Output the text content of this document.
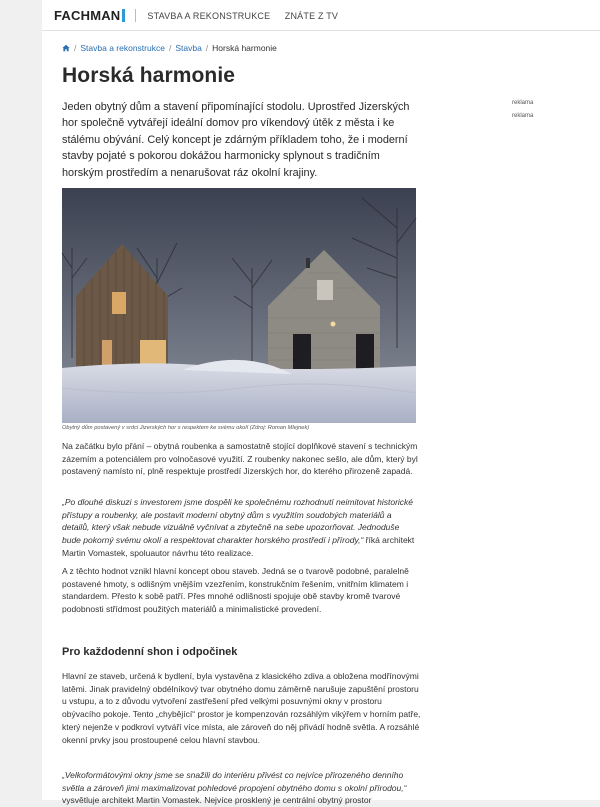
FACHMAN	STAVBA A REKONSTRUKCE ZNÁTE Z TV
/ Stavba a rekonstrukce / Stavba / Horská harmonie
Horská harmonie

Jeden obytný dům a stavení připomínající stodolu. Uprostřed Jizerských hor společně vytvářejí ideální domov pro víkendový útěk z města i ke stálému obývání. Celý koncept je zdárným příkladem toho, že i moderní stavby pojaté s pokorou dokážou harmonicky splynout s tradičním horským prostředím a nenarušovat ráz okolní krajiny.

reklama
reklama
Obytný dům postavený v srdci Jizerských hor s respektem ke svému okolí (Zdroj: Roman Mlejnek)

Na začátku bylo přání – obytná roubenka a samostatně stojící doplňkové stavení s technickým zázemím a potenciálem pro volnočasové využití. Z roubenky nakonec sešlo, ale dům, který byl postavený namísto ní, plně respektuje prostředí Jizerských hor, do kterého přirozeně zapadá.

„Po dlouhé diskuzi s investorem jsme dospěli ke společnému rozhodnutí neimitovat historické přístupy a roubenky, ale postavit moderní obytný dům s využitím soudobých materiálů a detailů, který však nebude vizuálně vyčnívat a zbytečně na sebe upozorňovat. Jednoduše bude pokorný svému okolí a respektovat charakter horského prostředí i přírody,“ říká architekt Martin Vomastek, spoluautor návrhu této realizace.

A z těchto hodnot vznikl hlavní koncept obou staveb. Jedná se o tvarově podobné, paralelně postavené hmoty, s odlišným vnějším vzezřením, konstrukčním řešením, vnitřním klimatem i standardem. Přesto k sobě patří. Přes mnohé odlišnosti spojuje obě stavby kromě tvarové podobnosti střídmost použitých materiálů a minimalistické provedení.

Pro každodenní shon i odpočinek

Hlavní ze staveb, určená k bydlení, byla vystavěna z klasického zdiva a obložena modřínovými latěmi. Jinak pravidelný obdélníkový tvar obytného domu záměrně narušuje zapuštění prostoru u vstupu, a to z důvodu vytvoření zastřešení před velkými posuvnými okny v prostoru obývacího pokoje. Tento „chybějící“ prostor je kompenzován rozsáhlým vikýřem v horním patře, který nejenže v podkroví vytváří více místa, ale zároveň do něj přivádí hodně světla. A rozsáhlé okenní prvky jsou prostoupené celou hlavní stavbou.

„Velkoformátovými okny jsme se snažili do interiéru přivést co nejvíce přirozeného denního světla a zároveň jimi maximalizovat pohledové propojení obytného domu s okolní přírodou,“ vysvětluje architekt Martin Vomastek. Nejvíce prosklený je centrální obytný prostor
